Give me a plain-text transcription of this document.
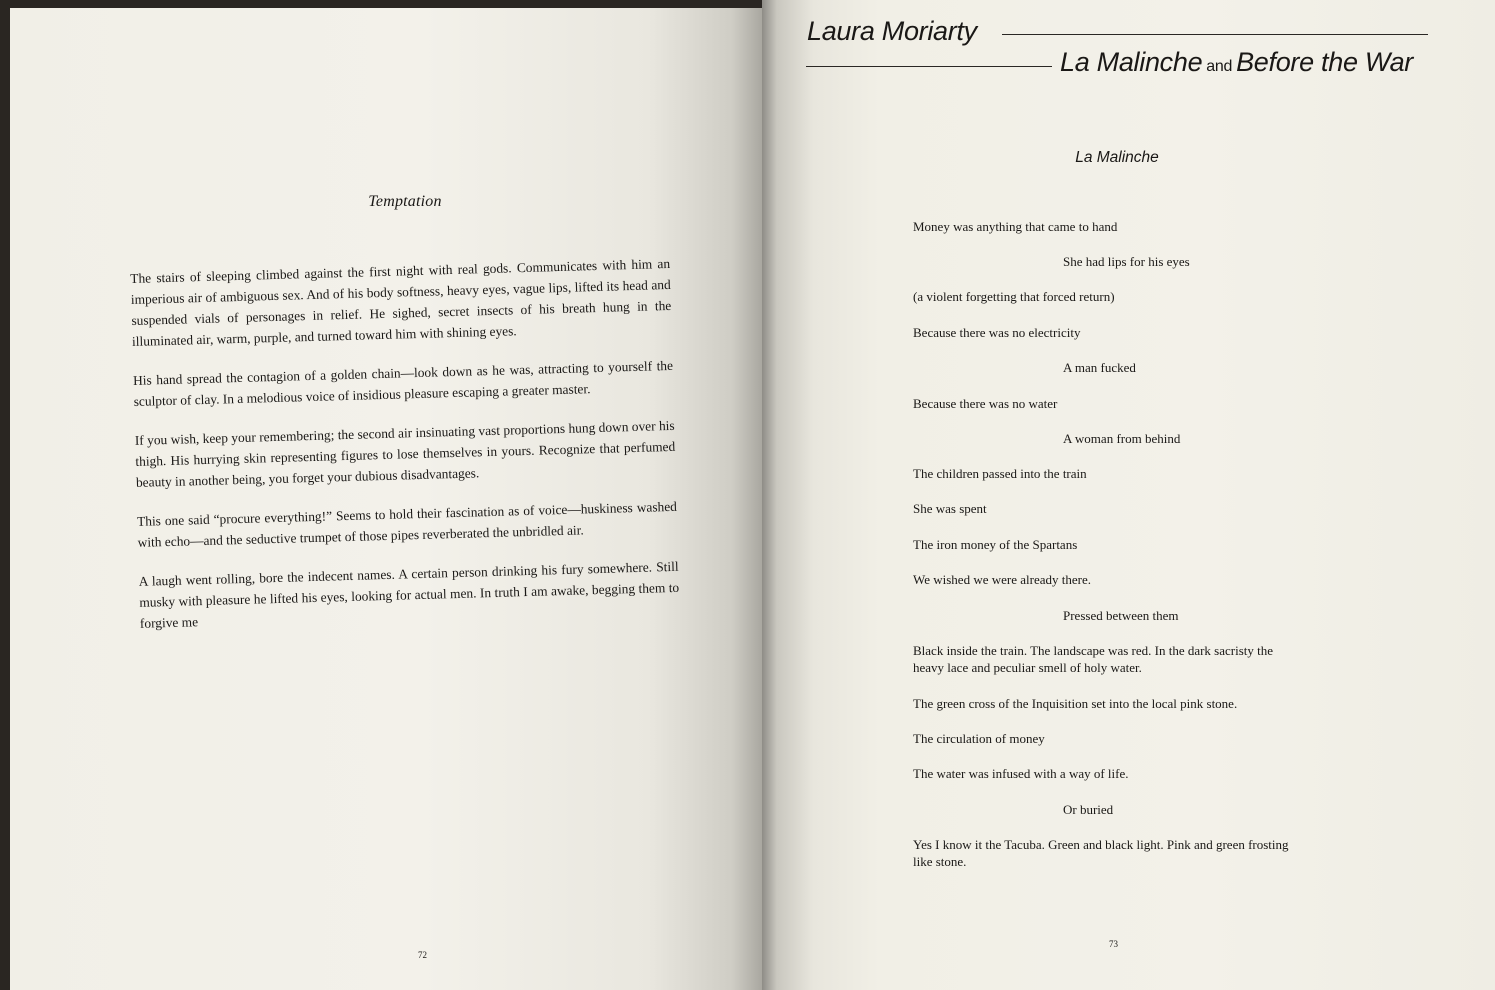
Temptation

The stairs of sleeping climbed against the first night with real gods. Communicates with him an imperious air of ambiguous sex. And of his body softness, heavy eyes, vague lips, lifted its head and suspended vials of personages in relief. He sighed, secret insects of his breath hung in the illuminated air, warm, purple, and turned toward him with shining eyes.

His hand spread the contagion of a golden chain—look down as he was, attracting to yourself the sculptor of clay. In a melodious voice of insidious pleasure escaping a greater master.

If you wish, keep your remembering; the second air insinuating vast proportions hung down over his thigh. His hurrying skin representing figures to lose themselves in yours. Recognize that perfumed beauty in another being, you forget your dubious disadvantages.

This one said “procure everything!” Seems to hold their fascination as of voice—huskiness washed with echo—and the seductive trumpet of those pipes reverberated the unbridled air.

A laugh went rolling, bore the indecent names. A certain person drinking his fury somewhere. Still musky with pleasure he lifted his eyes, looking for actual men. In truth I am awake, begging them to forgive me

72
Laura Moriarty
La Malinche and Before the War
La Malinche
Money was anything that came to hand
She had lips for his eyes
(a violent forgetting that forced return)
Because there was no electricity
A man fucked
Because there was no water
A woman from behind
The children passed into the train
She was spent
The iron money of the Spartans
We wished we were already there.
Pressed between them
Black inside the train. The landscape was red. In the dark sacristy the heavy lace and peculiar smell of holy water.
The green cross of the Inquisition set into the local pink stone.
The circulation of money
The water was infused with a way of life.
Or buried
Yes I know it the Tacuba. Green and black light. Pink and green frosting like stone.
73
